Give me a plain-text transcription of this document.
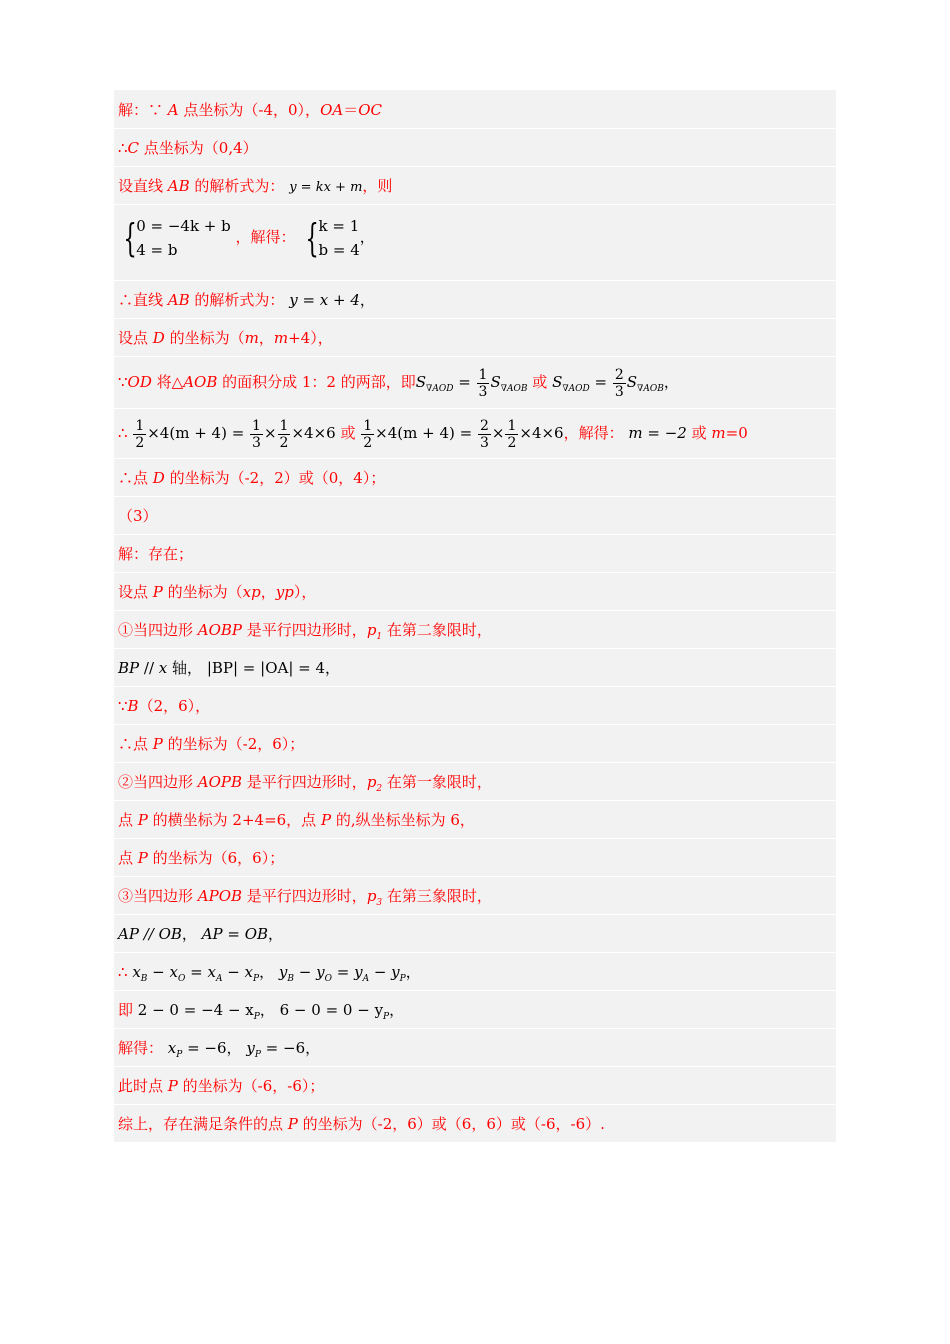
解：∵ A 点坐标为（-4，0），OA＝OC
∴C 点坐标为（0,4）
设直线 AB 的解析式为： y = kx + m，则
{ 0 = −4k + b
4 = b
，解得： { k = 1
b = 4
，
∴直线 AB 的解析式为： y = x + 4，
设点 D 的坐标为（m，m+4），
∵OD 将△AOB 的面积分成 1：2 的两部，即$S_{\nabla AOD} = \frac{1}{3} S_{\nabla AOB}$ 或 $S_{\nabla AOD} = \frac{2}{3} S_{\nabla AOB}$，
∴ $\frac{1}{2} \times 4(m + 4) = \frac{1}{3} \times \frac{1}{2} \times 4\times 6$ 或 $\frac{1}{2} \times 4(m + 4) = \frac{2}{3} \times \frac{1}{2} \times 4\times 6$，解得： m = −2 或 m=0
∴点 D 的坐标为（-2，2）或（0，4）；
（3）
解：存在；
设点 P 的坐标为（xp，yp），
①当四边形 AOBP 是平行四边形时，$p_1$ 在第二象限时，
BP // x 轴， |BP| = |OA| = 4，
∵B（2，6），
∴点 P 的坐标为（-2，6）；
②当四边形 AOPB 是平行四边形时，$p_2$ 在第一象限时，
点 P 的横坐标为 2+4=6，点 P 的,纵坐标坐标为 6，
点 P 的坐标为（6，6）；
③当四边形 APOB 是平行四边形时，$p_3$ 在第三象限时，
AP // OB， AP = OB，
∴ $x_B - x_O = x_A - x_P$， $y_B - y_O = y_A - y_P$，
即 $2 - 0 = -4 - x_P$， $6 - 0 = 0 - y_P$，
解得： $x_P = -6$， $y_P = -6$，
此时点 P 的坐标为（-6，-6）；
综上，存在满足条件的点 P 的坐标为（-2，6）或（6，6）或（-6，-6）.
